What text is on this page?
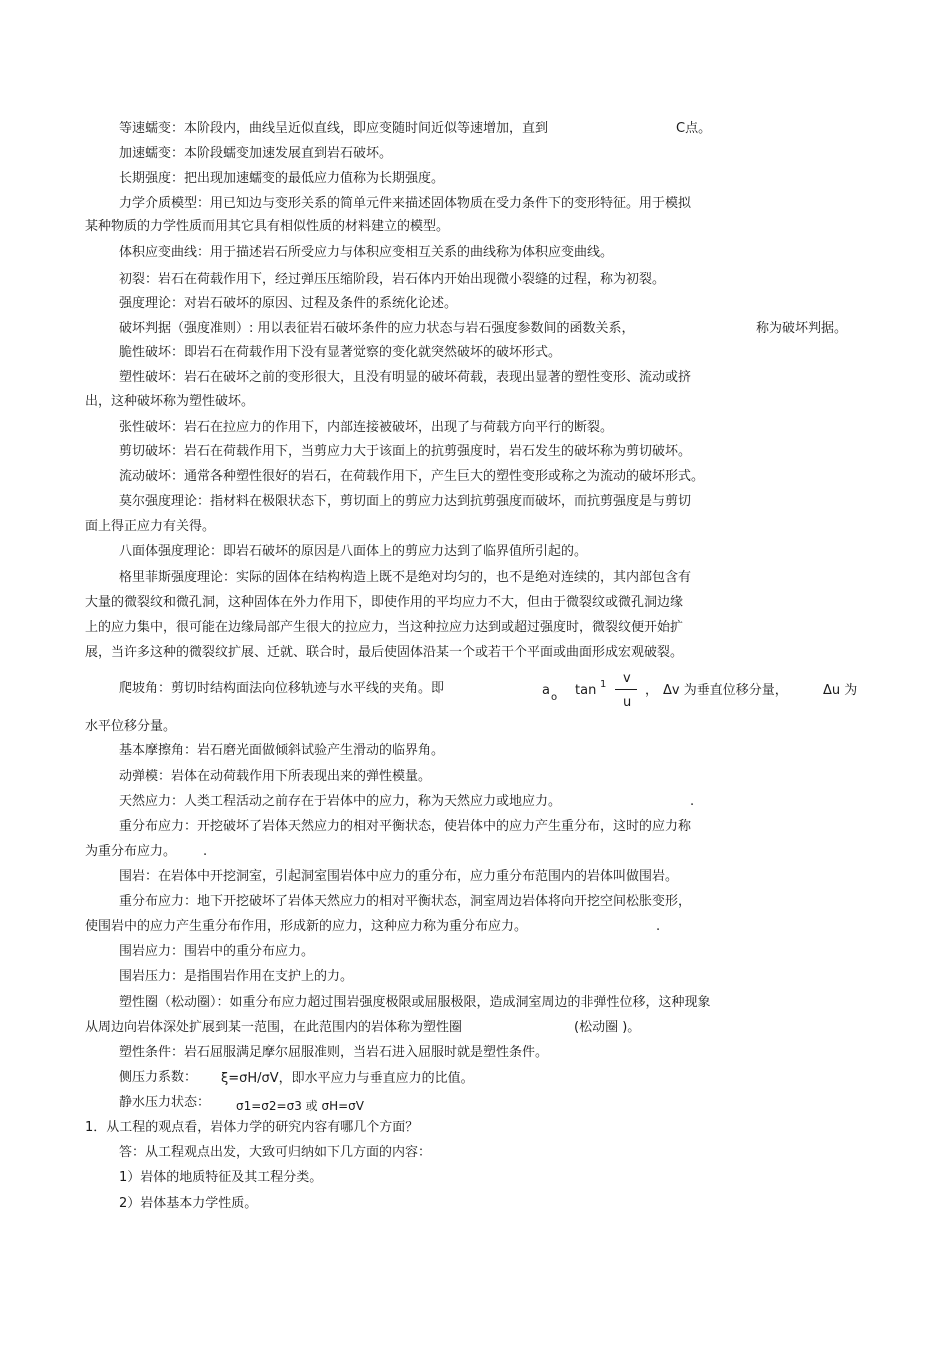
等速蠕变：本阶段内，曲线呈近似直线，即应变随时间近似等速增加，直到	C点。
加速蠕变：本阶段蠕变加速发展直到岩石破坏。
长期强度：把出现加速蠕变的最低应力值称为长期强度。
力学介质模型：用已知边与变形关系的简单元件来描述固体物质在受力条件下的变形特征。用于模拟
某种物质的力学性质而用其它具有相似性质的材料建立的模型。
体积应变曲线：用于描述岩石所受应力与体积应变相互关系的曲线称为体积应变曲线。
初裂：岩石在荷载作用下，经过弹压压缩阶段，岩石体内开始出现微小裂缝的过程，称为初裂。
强度理论：对岩石破坏的原因、过程及条件的系统化论述。
破坏判据（强度准则）: 用以表征岩石破坏条件的应力状态与岩石强度参数间的函数关系，	称为破坏判据。
脆性破坏：即岩石在荷载作用下没有显著觉察的变化就突然破坏的破坏形式。
塑性破坏：岩石在破坏之前的变形很大，且没有明显的破坏荷载，表现出显著的塑性变形、流动或挤
出，这种破坏称为塑性破坏。
张性破坏：岩石在拉应力的作用下，内部连接被破坏，出现了与荷载方向平行的断裂。
剪切破坏：岩石在荷载作用下，当剪应力大于该面上的抗剪强度时，岩石发生的破坏称为剪切破坏。
流动破坏：通常各种塑性很好的岩石，在荷载作用下，产生巨大的塑性变形或称之为流动的破坏形式。
莫尔强度理论：指材料在极限状态下，剪切面上的剪应力达到抗剪强度而破坏，而抗剪强度是与剪切
面上得正应力有关得。
八面体强度理论：即岩石破坏的原因是八面体上的剪应力达到了临界值所引起的。
格里菲斯强度理论：实际的固体在结构构造上既不是绝对均匀的，也不是绝对连续的，其内部包含有
大量的微裂纹和微孔洞，这种固体在外力作用下，即使作用的平均应力不大，但由于微裂纹或微孔洞边缘
上的应力集中，很可能在边缘局部产生很大的拉应力，当这种拉应力达到或超过强度时，微裂纹便开始扩
展，当许多这种的微裂纹扩展、迁就、联合时，最后使固体沿某一个或若干个平面或曲面形成宏观破裂。
爬坡角：剪切时结构面法向位移轨迹与水平线的夹角。即	a o tan 1 v
u
， Δv 为垂直位移分量，	Δu 为
水平位移分量。
基本摩擦角：岩石磨光面做倾斜试验产生滑动的临界角。
动弹模：岩体在动荷载作用下所表现出来的弹性模量。
天然应力：人类工程活动之前存在于岩体中的应力，称为天然应力或地应力。	.
重分布应力：开挖破坏了岩体天然应力的相对平衡状态，使岩体中的应力产生重分布，这时的应力称
为重分布应力。 .
围岩：在岩体中开挖洞室，引起洞室围岩体中应力的重分布，应力重分布范围内的岩体叫做围岩。
重分布应力：地下开挖破坏了岩体天然应力的相对平衡状态，洞室周边岩体将向开挖空间松胀变形，
使围岩中的应力产生重分布作用，形成新的应力，这种应力称为重分布应力。	.
围岩应力：围岩中的重分布应力。
围岩压力：是指围岩作用在支护上的力。
塑性圈（松动圈）：如重分布应力超过围岩强度极限或屈服极限，造成洞室周边的非弹性位移，这种现象
从周边向岩体深处扩展到某一范围，在此范围内的岩体称为塑性圈	(松动圈 )。
塑性条件：岩石屈服满足摩尔屈服准则，当岩石进入屈服时就是塑性条件。
侧压力系数： ξ=σH/σV，即水平应力与垂直应力的比值。
静水压力状态： σ1=σ2=σ3 或 σH=σV
1．从工程的观点看，岩体力学的研究内容有哪几个方面？
答：从工程观点出发，大致可归纳如下几方面的内容：
1）岩体的地质特征及其工程分类。
2）岩体基本力学性质。
